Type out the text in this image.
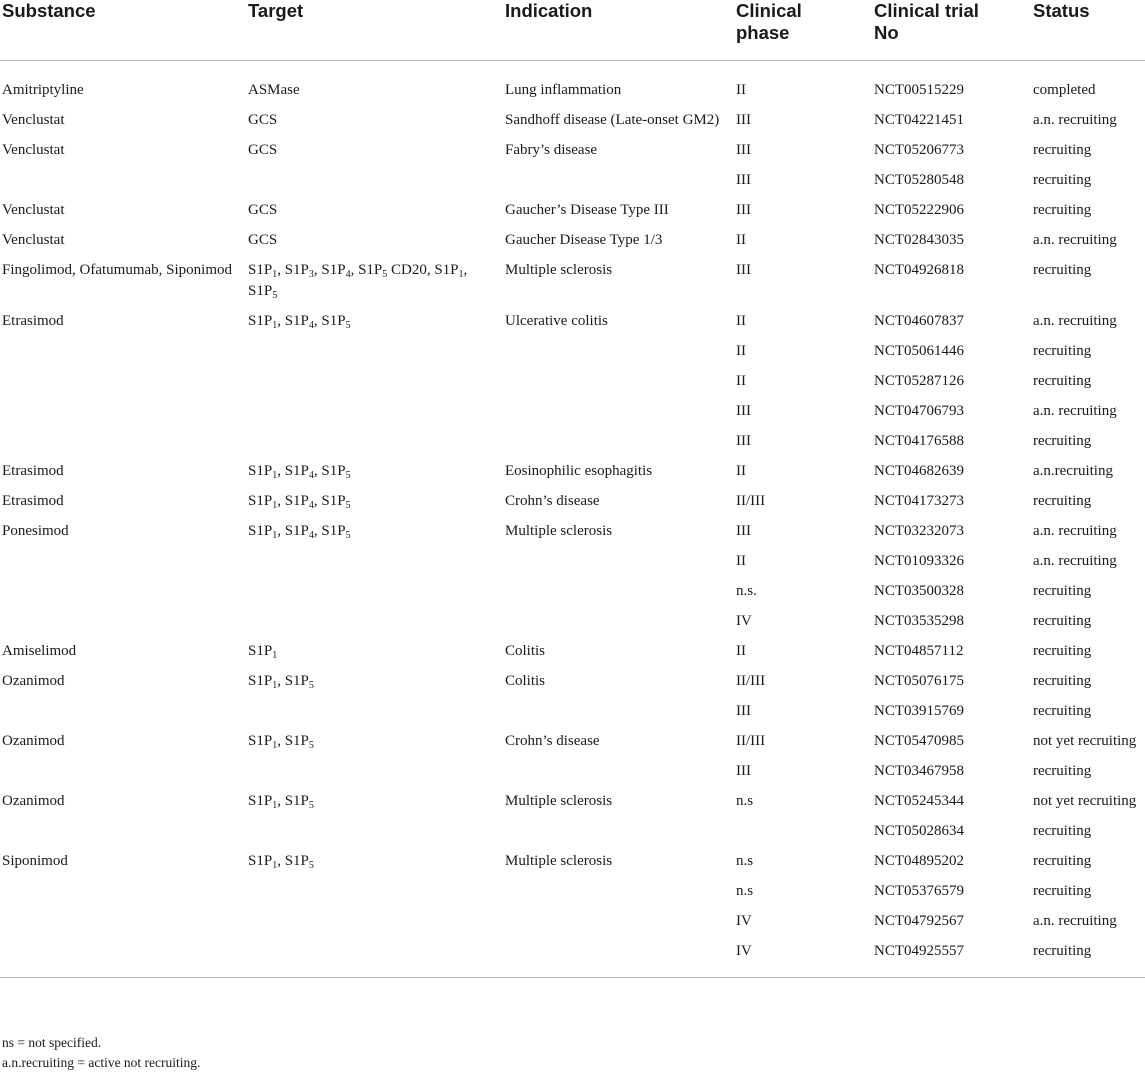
Substance	Target	Indication	Clinical phase	Clinical trial No	Status

Amitriptyline	ASMase	Lung inflammation	II	NCT00515229	completed
Venclustat	GCS	Sandhoff disease (Late-onset GM2)	III	NCT04221451	a.n. recruiting
Venclustat	GCS	Fabry’s disease	III	NCT05206773	recruiting
			III	NCT05280548	recruiting
Venclustat	GCS	Gaucher’s Disease Type III	III	NCT05222906	recruiting
Venclustat	GCS	Gaucher Disease Type 1/3	II	NCT02843035	a.n. recruiting
Fingolimod, Ofatumumab, Siponimod	$S1P_1$, $S1P_3$, $S1P_4$, $S1P_5$ CD20, $S1P_1$, $S1P_5$	Multiple sclerosis	III	NCT04926818	recruiting
Etrasimod	$S1P_1$, $S1P_4$, $S1P_5$	Ulcerative colitis	II	NCT04607837	a.n. recruiting
			II	NCT05061446	recruiting
			II	NCT05287126	recruiting
			III	NCT04706793	a.n. recruiting
			III	NCT04176588	recruiting
Etrasimod	$S1P_1$, $S1P_4$, $S1P_5$	Eosinophilic esophagitis	II	NCT04682639	a.n.recruiting
Etrasimod	$S1P_1$, $S1P_4$, $S1P_5$	Crohn’s disease	II/III	NCT04173273	recruiting
Ponesimod	$S1P_1$, $S1P_4$, $S1P_5$	Multiple sclerosis	III	NCT03232073	a.n. recruiting
			II	NCT01093326	a.n. recruiting
			n.s.	NCT03500328	recruiting
			IV	NCT03535298	recruiting
Amiselimod	$S1P_1$	Colitis	II	NCT04857112	recruiting
Ozanimod	$S1P_1$, $S1P_5$	Colitis	II/III	NCT05076175	recruiting
			III	NCT03915769	recruiting
Ozanimod	$S1P_1$, $S1P_5$	Crohn’s disease	II/III	NCT05470985	not yet recruiting
			III	NCT03467958	recruiting
Ozanimod	$S1P_1$, $S1P_5$	Multiple sclerosis	n.s	NCT05245344	not yet recruiting
				NCT05028634	recruiting
Siponimod	$S1P_1$, $S1P_5$	Multiple sclerosis	n.s	NCT04895202	recruiting
			n.s	NCT05376579	recruiting
			IV	NCT04792567	a.n. recruiting
			IV	NCT04925557	recruiting
ns = not specified.
a.n.recruiting = active not recruiting.
